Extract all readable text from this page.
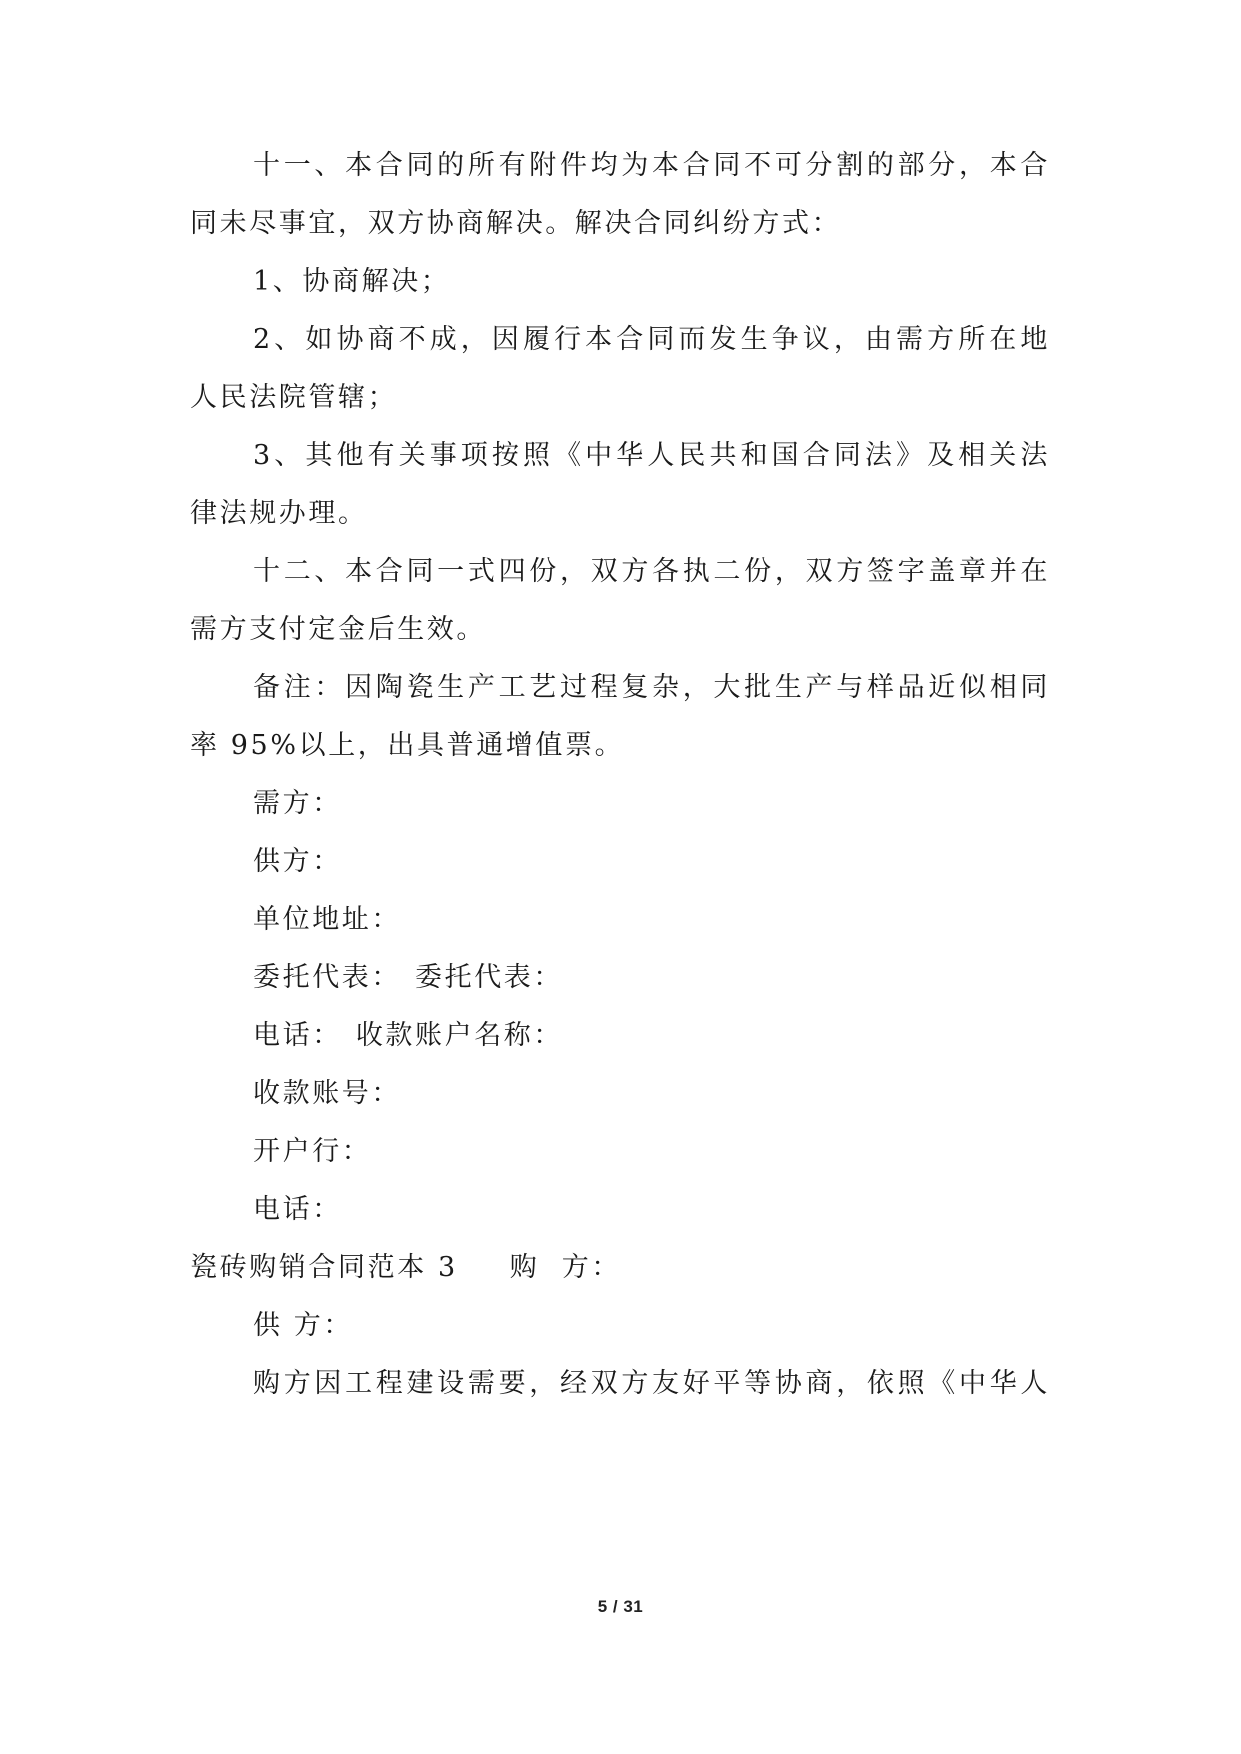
十一、本合同的所有附件均为本合同不可分割的部分，本合
同未尽事宜，双方协商解决。解决合同纠纷方式：
1、协商解决；
2、如协商不成，因履行本合同而发生争议，由需方所在地
人民法院管辖；
3、其他有关事项按照《中华人民共和国合同法》及相关法
律法规办理。
十二、本合同一式四份，双方各执二份，双方签字盖章并在
需方支付定金后生效。
备注：因陶瓷生产工艺过程复杂，大批生产与样品近似相同
率 95%以上，出具普通增值票。
需方：
供方：
单位地址：
委托代表： 委托代表：
电话： 收款账户名称：
收款账号：
开户行：
电话：
瓷砖购销合同范本 3 购  方：
供 方：
购方因工程建设需要，经双方友好平等协商，依照《中华人
5 / 31
